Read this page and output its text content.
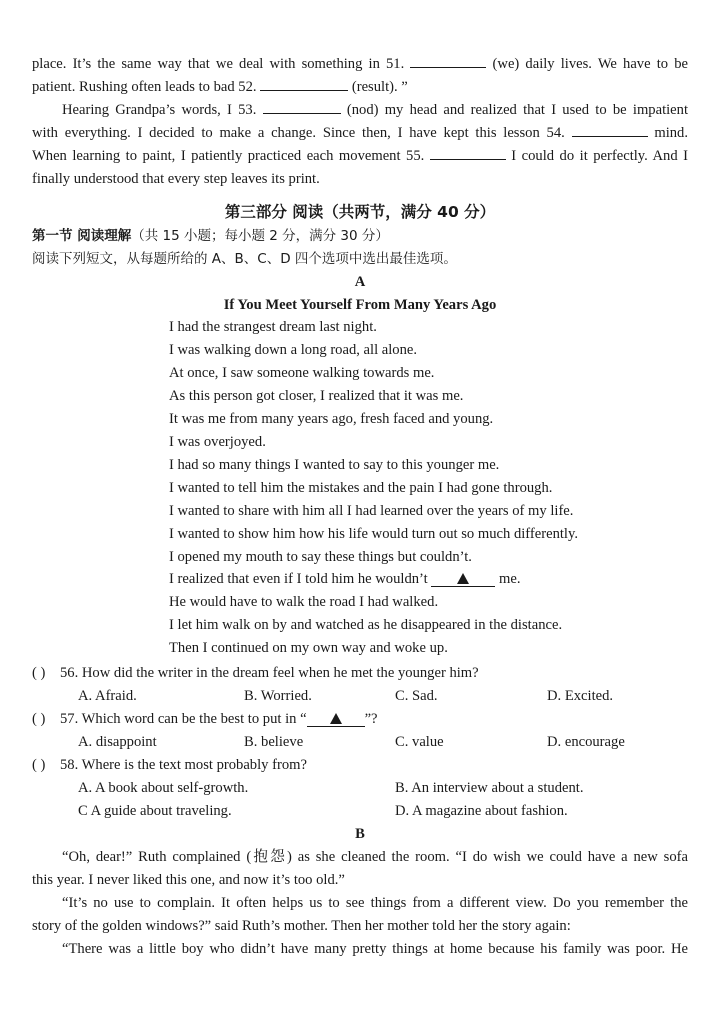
place. It’s the same way that we deal with something in 51.	(we) daily lives. We have to be
patient. Rushing often leads to bad 52.	(result). ”
Hearing Grandpa’s words, I 53.	(nod) my head and realized that I used to be impatient
with everything. I decided to make a change. Since then, I have kept this lesson 54.	mind.
When learning to paint, I patiently practiced each movement 55.	I could do it perfectly. And I
finally understood that every step leaves its print.
第三部分 阅读（共两节，满分 40 分）
第一节 阅读理解（共 15 小题；每小题 2 分，满分 30 分）
阅读下列短文，从每题所给的 A、B、C、D 四个选项中选出最佳选项。
A
If You Meet Yourself From Many Years Ago
I had the strangest dream last night.
I was walking down a long road, all alone.
At once, I saw someone walking towards me.
As this person got closer, I realized that it was me.
It was me from many years ago, fresh faced and young.
I was overjoyed.
I had so many things I wanted to say to this younger me.
I wanted to tell him the mistakes and the pain I had gone through.
I wanted to share with him all I had learned over the years of my life.
I wanted to show him how his life would turn out so much differently.
I opened my mouth to say these things but couldn’t.
I realized that even if I told him he wouldn’t	me.
He would have to walk the road I had walked.
I let him walk on by and watched as he disappeared in the distance.
Then I continued on my own way and woke up.
( ) 56. How did the writer in the dream feel when he met the younger him?
A. Afraid.	B. Worried.	C. Sad.	D. Excited.
( ) 57. Which word can be the best to put in “	”?
A. disappoint	B. believe	C. value	D. encourage
( ) 58. Where is the text most probably from?
A. A book about self-growth.	B. An interview about a student.
C A guide about traveling.	D. A magazine about fashion.
B
“Oh, dear!” Ruth complained (抱怨) as she cleaned the room. “I do wish we could have a new sofa
this year. I never liked this one, and now it’s too old.”
“It’s no use to complain. It often helps us to see things from a different view. Do you remember the
story of the golden windows?” said Ruth’s mother. Then her mother told her the story again:
“There was a little boy who didn’t have many pretty things at home because his family was poor. He
